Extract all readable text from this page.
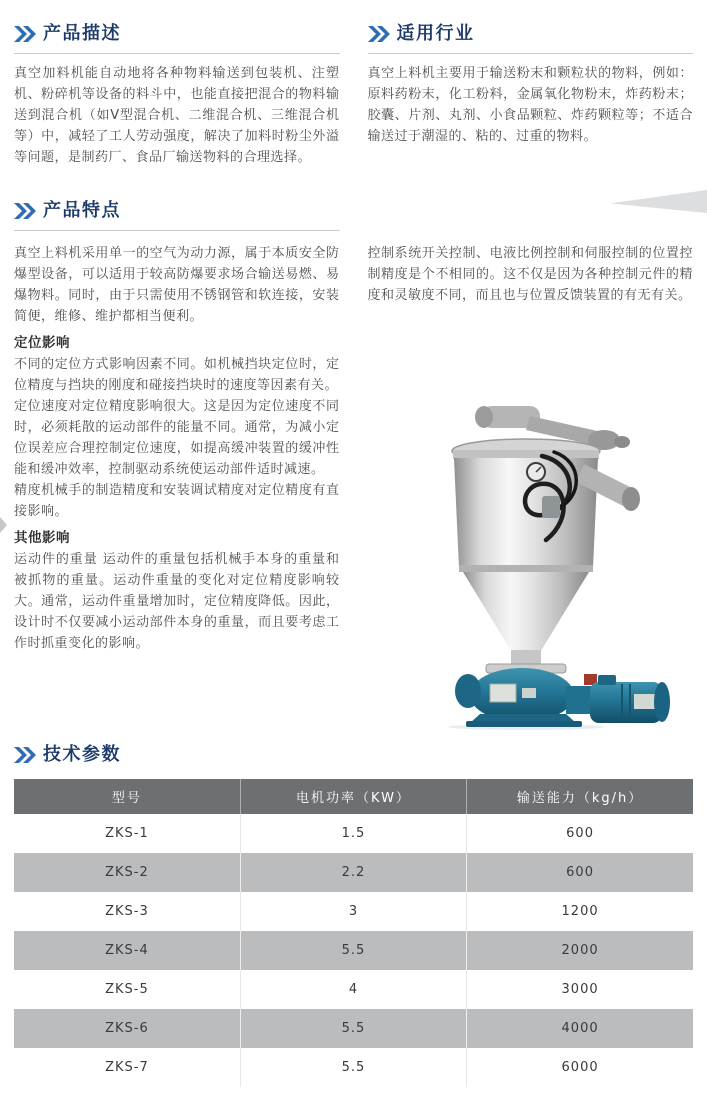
产品描述

真空加料机能自动地将各种物料输送到包装机、注塑机、粉碎机等设备的料斗中，也能直接把混合的物料输送到混合机（如V型混合机、二维混合机、三维混合机等）中，减轻了工人劳动强度，解决了加料时粉尘外溢等问题，是制药厂、食品厂输送物料的合理选择。

适用行业

真空上料机主要用于输送粉末和颗粒状的物料，例如：原料药粉末，化工粉料，金属氧化物粉末，炸药粉末；胶囊、片剂、丸剂、小食品颗粒、炸药颗粒等；不适合输送过于潮湿的、粘的、过重的物料。

产品特点

真空上料机采用单一的空气为动力源，属于本质安全防爆型设备，可以适用于较高防爆要求场合输送易燃、易爆物料。同时，由于只需使用不锈钢管和软连接，安装简便，维修、维护都相当便利。

定位影响

不同的定位方式影响因素不同。如机械挡块定位时，定位精度与挡块的刚度和碰接挡块时的速度等因素有关。

定位速度对定位精度影响很大。这是因为定位速度不同时，必须耗散的运动部件的能量不同。通常，为减小定位误差应合理控制定位速度，如提高缓冲装置的缓冲性能和缓冲效率，控制驱动系统使运动部件适时减速。

精度机械手的制造精度和安装调试精度对定位精度有直接影响。

其他影响

运动件的重量 运动件的重量包括机械手本身的重量和被抓物的重量。运动件重量的变化对定位精度影响较大。通常，运动件重量增加时，定位精度降低。因此，设计时不仅要减小运动部件本身的重量，而且要考虑工作时抓重变化的影响。

控制系统开关控制、电液比例控制和伺服控制的位置控制精度是个不相同的。这不仅是因为各种控制元件的精度和灵敏度不同，而且也与位置反馈装置的有无有关。

技术参数
型号	电机功率（KW）	输送能力（kg/h）
ZKS-1	1.5	600
ZKS-2	2.2	600
ZKS-3	3	1200
ZKS-4	5.5	2000
ZKS-5	4	3000
ZKS-6	5.5	4000
ZKS-7	5.5	6000
